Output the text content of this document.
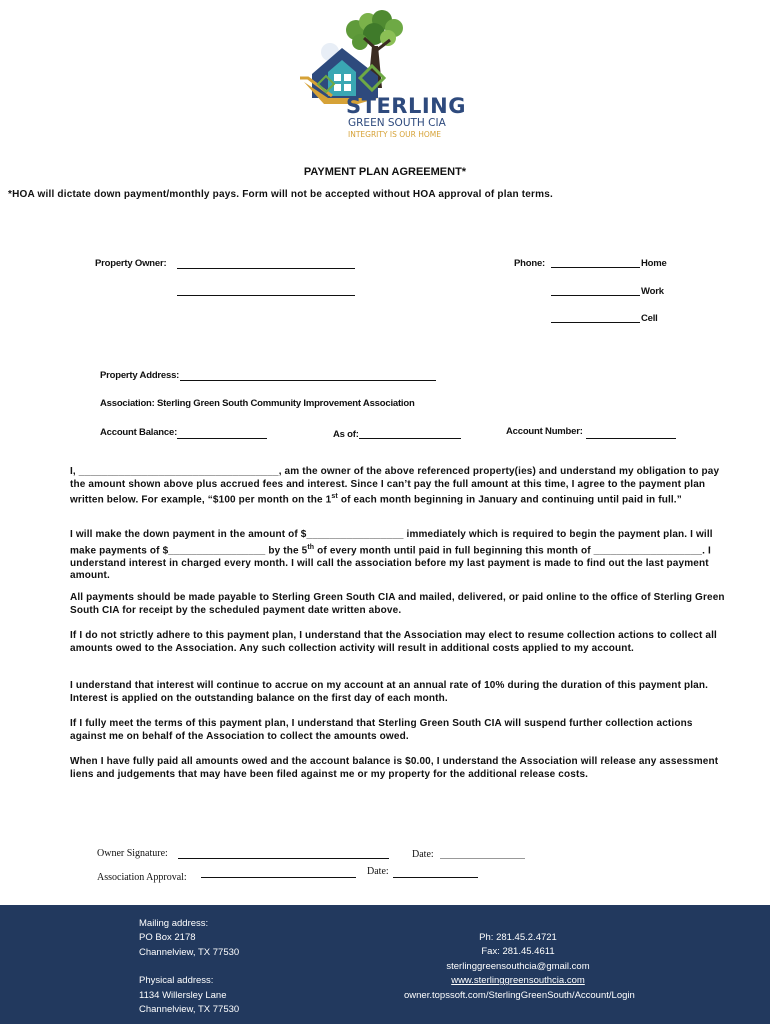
STERLING
GREEN SOUTH CIA
INTEGRITY IS OUR HOME
PAYMENT PLAN AGREEMENT*
*HOA will dictate down payment/monthly pays. Form will not be accepted without HOA approval of plan terms.
Property Owner:	Phone:	Home
Work
Cell
Property Address:
Association: Sterling Green South Community Improvement Association
Account Balance:	As of:	Account Number:

I, ___________________________________, am the owner of the above referenced property(ies) and understand my obligation to pay the amount shown above plus accrued fees and interest. Since I can’t pay the full amount at this time, I agree to the payment plan written below. For example, “$100 per month on the 1st of each month beginning in January and continuing until paid in full.”

I will make the down payment in the amount of $_________________ immediately which is required to begin the payment plan. I will make payments of $_________________ by the 5th of every month until paid in full beginning this month of ___________________. I understand interest in charged every month. I will call the association before my last payment is made to find out the last payment amount.

All payments should be made payable to Sterling Green South CIA and mailed, delivered, or paid online to the office of Sterling Green South CIA for receipt by the scheduled payment date written above.
If I do not strictly adhere to this payment plan, I understand that the Association may elect to resume collection actions to collect all amounts owed to the Association. Any such collection activity will result in additional costs applied to my account.
I understand that interest will continue to accrue on my account at an annual rate of 10% during the duration of this payment plan. Interest is applied on the outstanding balance on the first day of each month.
If I fully meet the terms of this payment plan, I understand that Sterling Green South CIA will suspend further collection actions against me on behalf of the Association to collect the amounts owed.
When I have fully paid all amounts owed and the account balance is $0.00, I understand the Association will release any assessment liens and judgements that may have been filed against me or my property for the additional release costs.
Owner Signature:	Date:
Association Approval:
Date:
Mailing address:
PO Box 2178
Channelview, TX 77530
Physical address:
1134 Willersley Lane
Channelview, TX 77530
Ph: 281.45.2.4721
Fax: 281.45.4611
sterlinggreensouthcia@gmail.com
www.sterlinggreensouthcia.com
owner.topssoft.com/SterlingGreenSouth/Account/Login
